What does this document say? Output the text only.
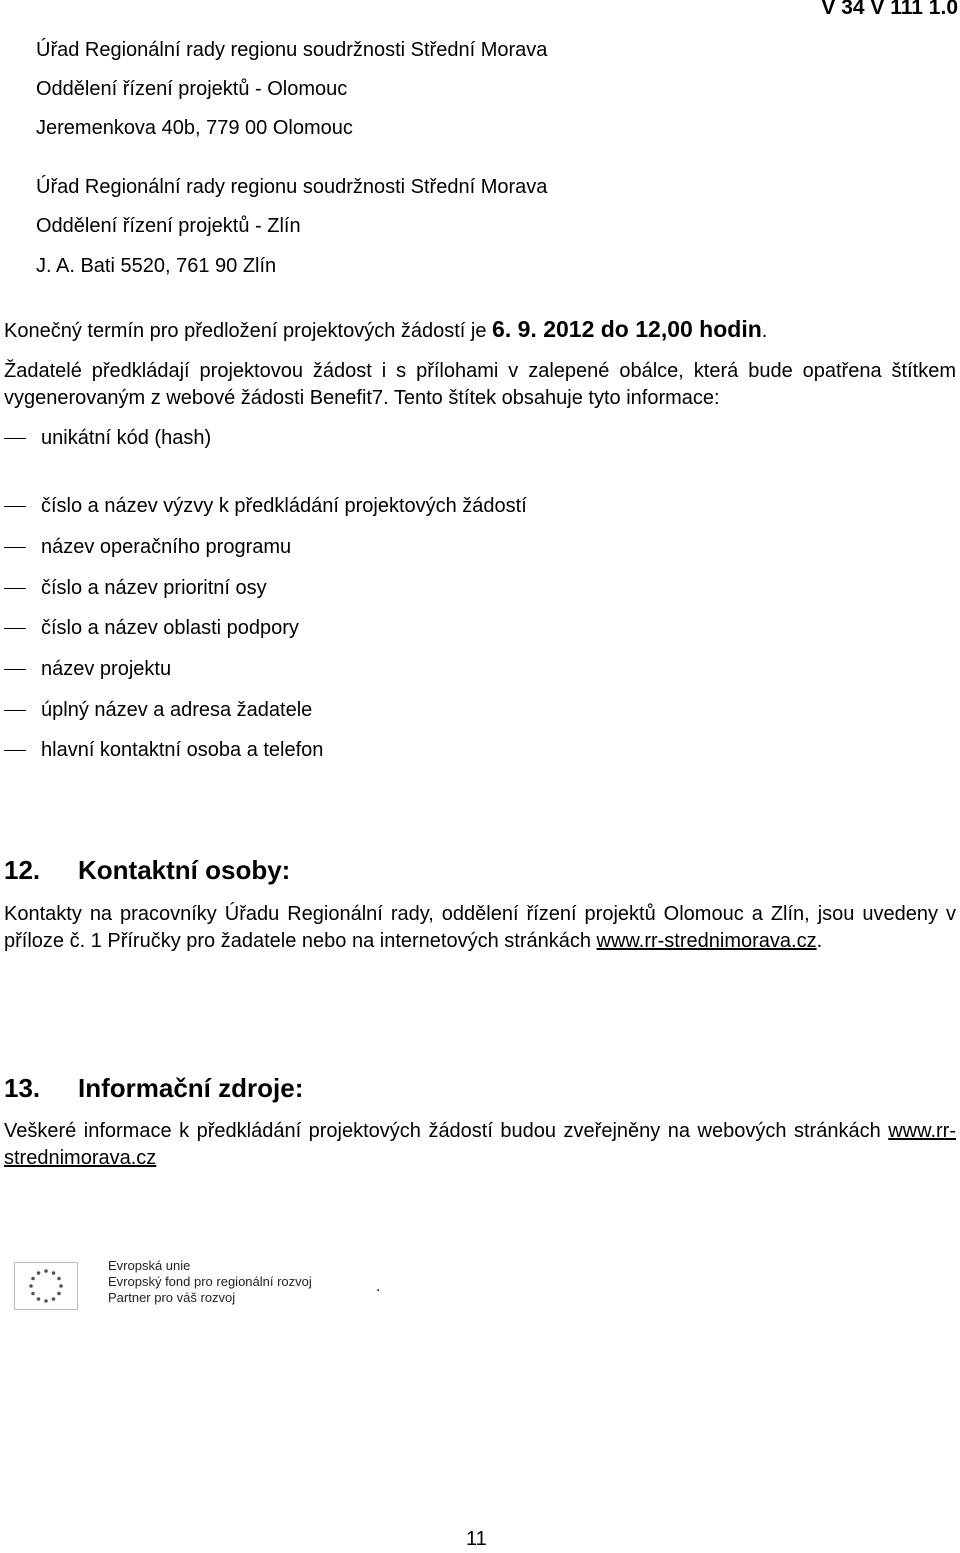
V 34 V 111 1.0
Úřad Regionální rady regionu soudržnosti Střední Morava
Oddělení řízení projektů - Olomouc
Jeremenkova 40b, 779 00 Olomouc
Úřad Regionální rady regionu soudržnosti Střední Morava
Oddělení řízení projektů - Zlín
J. A. Bati 5520, 761 90 Zlín
Konečný termín pro předložení projektových žádostí je 6. 9. 2012 do 12,00 hodin.
Žadatelé předkládají projektovou žádost i s přílohami v zalepené obálce, která bude opatřena štítkem vygenerovaným z webové žádosti Benefit7. Tento štítek obsahuje tyto informace:
unikátní kód (hash)
číslo a název výzvy k předkládání projektových žádostí
název operačního programu
číslo a název prioritní osy
číslo a název oblasti podpory
název projektu
úplný název a adresa žadatele
hlavní kontaktní osoba a telefon
12. Kontaktní osoby:
Kontakty na pracovníky Úřadu Regionální rady, oddělení řízení projektů Olomouc a Zlín, jsou uvedeny v příloze č. 1 Příručky pro žadatele nebo na internetových stránkách www.rr-strednimorava.cz.
13. Informační zdroje:
Veškeré informace k předkládání projektových žádostí budou zveřejněny na webových stránkách www.rr-strednimorava.cz
Evropská unie
Evropský fond pro regionální rozvoj
Partner pro váš rozvoj
.
11
